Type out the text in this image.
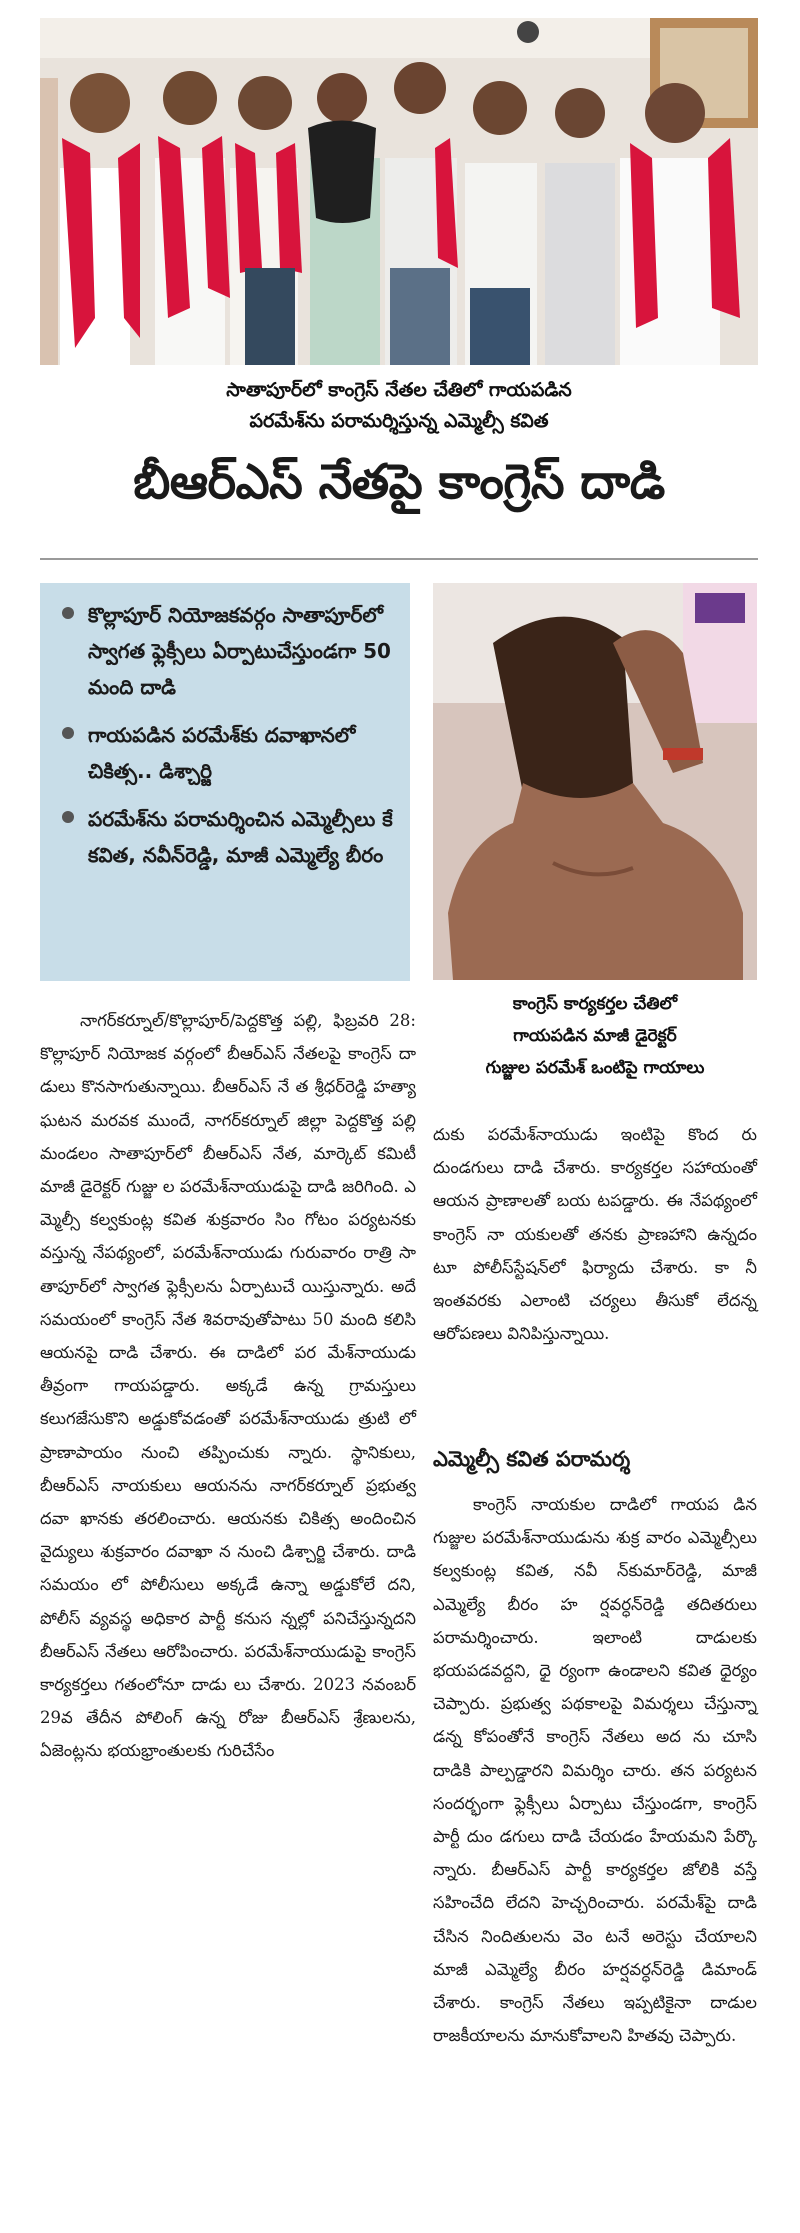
సాతాపూర్‌లో కాంగ్రెస్ నేతల చేతిలో గాయపడిన
పరమేశ్‌ను పరామర్శిస్తున్న ఎమ్మెల్సీ కవిత
బీఆర్ఎస్ నేతపై కాంగ్రెస్ దాడి
కొల్లాపూర్ నియోజకవర్గం సాతాపూర్‌లో స్వాగత ఫ్లెక్సీలు ఏర్పాటుచేస్తుండగా 50 మంది దాడి
గాయపడిన పరమేశ్‌కు దవాఖానలో చికిత్స.. డిశ్చార్జి
పరమేశ్‌ను పరామర్శించిన ఎమ్మెల్సీలు కే కవిత, నవీన్‌రెడ్డి, మాజీ ఎమ్మెల్యే బీరం
కాంగ్రెస్ కార్యకర్తల చేతిలో
గాయపడిన మాజీ డైరెక్టర్
గుజ్జుల పరమేశ్ ఒంటిపై గాయాలు

నాగర్‌కర్నూల్/కొల్లాపూర్/పెద్దకొత్త పల్లి, ఫిబ్రవరి 28: కొల్లాపూర్ నియోజక వర్గంలో బీఆర్ఎస్ నేతలపై కాంగ్రెస్ దా డులు కొనసాగుతున్నాయి. బీఆర్ఎస్ నే త శ్రీధర్‌రెడ్డి హత్యా ఘటన మరవక ముందే, నాగర్‌కర్నూల్ జిల్లా పెద్దకొత్త పల్లి మండలం సాతాపూర్‌లో బీఆర్ఎస్ నేత, మార్కెట్ కమిటీ మాజీ డైరెక్టర్ గుజ్జు ల పరమేశ్‌నాయుడుపై దాడి జరిగింది. ఎ మ్మెల్సీ కల్వకుంట్ల కవిత శుక్రవారం సిం గోటం పర్యటనకు వస్తున్న నేపథ్యంలో, పరమేశ్‌నాయుడు గురువారం రాత్రి సా తాపూర్‌లో స్వాగత ఫ్లెక్సీలను ఏర్పాటుచే యిస్తున్నారు. అదే సమయంలో కాంగ్రెస్ నేత శివరావుతోపాటు 50 మంది కలిసి ఆయనపై దాడి చేశారు. ఈ దాడిలో పర మేశ్‌నాయుడు తీవ్రంగా గాయపడ్డారు. అక్కడే ఉన్న గ్రామస్తులు కలుగజేసుకొని అడ్డుకోవడంతో పరమేశ్‌నాయుడు త్రుటి లో ప్రాణాపాయం నుంచి తప్పించుకు న్నారు. స్థానికులు, బీఆర్ఎస్ నాయకులు ఆయనను నాగర్‌కర్నూల్ ప్రభుత్వ దవా ఖానకు తరలించారు. ఆయనకు చికిత్స అందించిన వైద్యులు శుక్రవారం దవాఖా న నుంచి డిశ్చార్జి చేశారు. దాడి సమయం లో పోలీసులు అక్కడే ఉన్నా అడ్డుకోలే దని, పోలీస్ వ్యవస్థ అధికార పార్టీ కనుస న్నల్లో పనిచేస్తున్నదని బీఆర్ఎస్ నేతలు ఆరోపించారు. పరమేశ్‌నాయుడుపై కాంగ్రెస్ కార్యకర్తలు గతంలోనూ దాడు లు చేశారు. 2023 నవంబర్ 29వ తేదీన పోలింగ్ ఉన్న రోజు బీఆర్ఎస్ శ్రేణులను, ఏజెంట్లను భయభ్రాంతులకు గురిచేసేం

దుకు పరమేశ్‌నాయుడు ఇంటిపై కొంద రు దుండగులు దాడి చేశారు. కార్యకర్తల సహాయంతో ఆయన ప్రాణాలతో బయ టపడ్డారు. ఈ నేపథ్యంలో కాంగ్రెస్ నా యకులతో తనకు ప్రాణహాని ఉన్నదం టూ పోలీస్‌స్టేషన్‌లో ఫిర్యాదు చేశారు. కా నీ ఇంతవరకు ఎలాంటి చర్యలు తీసుకో లేదన్న ఆరోపణలు వినిపిస్తున్నాయి.

ఎమ్మెల్సీ కవిత పరామర్శ

కాంగ్రెస్ నాయకుల దాడిలో గాయప డిన గుజ్జుల పరమేశ్‌నాయుడును శుక్ర వారం ఎమ్మెల్సీలు కల్వకుంట్ల కవిత, నవీ న్‌కుమార్‌రెడ్డి, మాజీ ఎమ్మెల్యే బీరం హ ర్షవర్ధన్‌రెడ్డి తదితరులు పరామర్శించారు. ఇలాంటి దాడులకు భయపడవద్దని, ధై ర్యంగా ఉండాలని కవిత ధైర్యం చెప్పారు. ప్రభుత్వ పథకాలపై విమర్శలు చేస్తున్నా డన్న కోపంతోనే కాంగ్రెస్ నేతలు అద ను చూసి దాడికి పాల్పడ్డారని విమర్శిం చారు. తన పర్యటన సందర్భంగా ఫ్లెక్సీలు ఏర్పాటు చేస్తుండగా, కాంగ్రెస్ పార్టీ దుం డగులు దాడి చేయడం హేయమని పేర్కొ న్నారు. బీఆర్ఎస్ పార్టీ కార్యకర్తల జోలికి వస్తే సహించేది లేదని హెచ్చరించారు. పరమేశ్‌పై దాడి చేసిన నిందితులను వెం టనే అరెస్టు చేయాలని మాజీ ఎమ్మెల్యే బీరం హర్షవర్ధన్‌రెడ్డి డిమాండ్ చేశారు. కాంగ్రెస్ నేతలు ఇప్పటికైనా దాడుల రాజకీయాలను మానుకోవాలని హితవు చెప్పారు.
